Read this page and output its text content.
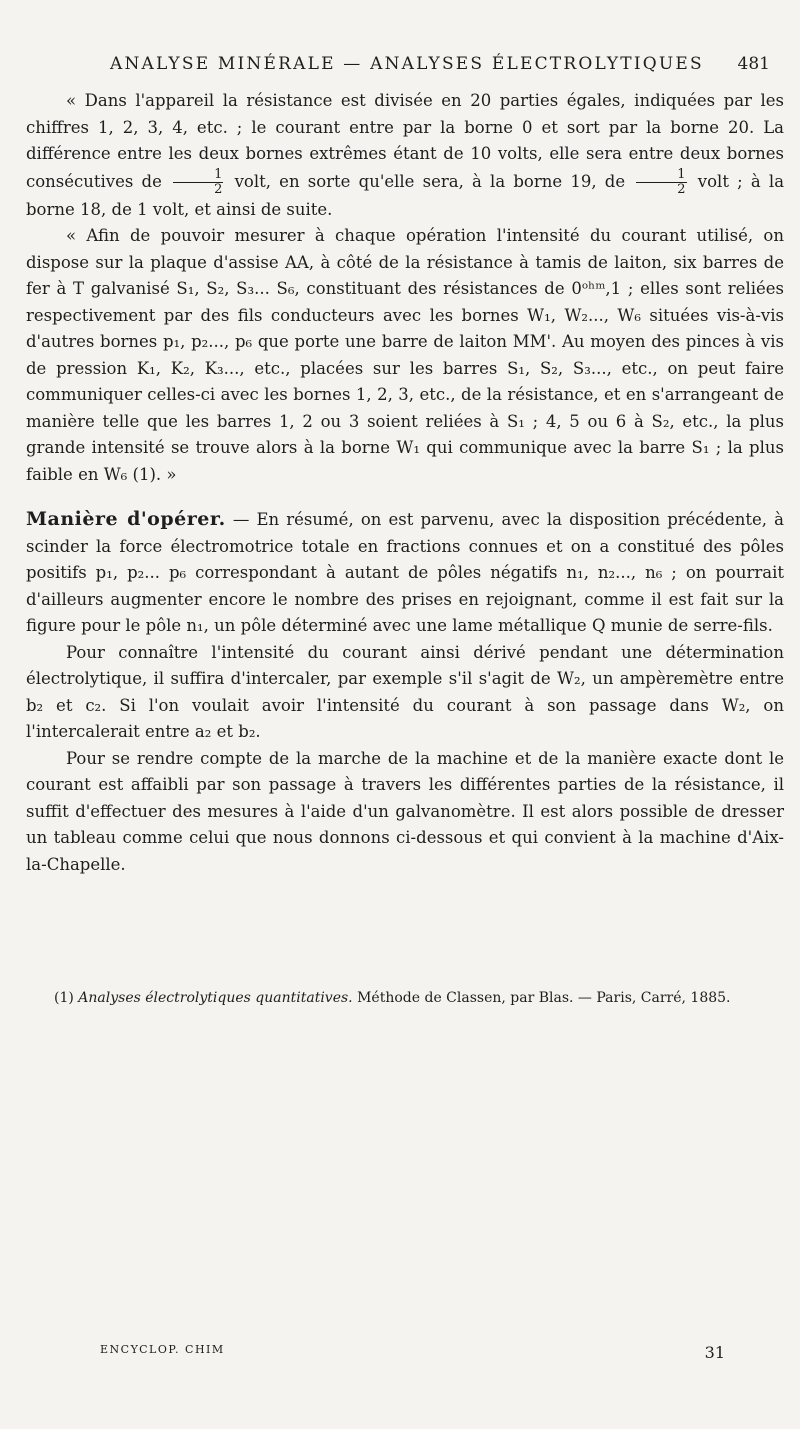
ANALYSE MINÉRALE — ANALYSES ÉLECTROLYTIQUES 481

« Dans l'appareil la résistance est divisée en 20 parties égales, indiquées par les chiffres 1, 2, 3, 4, etc. ; le courant entre par la borne 0 et sort par la borne 20. La différence entre les deux bornes extrêmes étant de 10 volts, elle sera entre deux bornes consécutives de $\frac{1}{2}$ volt, en sorte qu'elle sera, à la borne 19, de $\frac{1}{2}$ volt ; à la borne 18, de 1 volt, et ainsi de suite.

« Afin de pouvoir mesurer à chaque opération l'intensité du courant utilisé, on dispose sur la plaque d'assise AA, à côté de la résistance à tamis de laiton, six barres de fer à T galvanisé S₁, S₂, S₃... S₆, constituant des résistances de 0ᵒʰᵐ,1 ; elles sont reliées respectivement par des fils conducteurs avec les bornes W₁, W₂..., W₆ situées vis-à-vis d'autres bornes p₁, p₂..., p₆ que porte une barre de laiton MM'. Au moyen des pinces à vis de pression K₁, K₂, K₃..., etc., placées sur les barres S₁, S₂, S₃..., etc., on peut faire communiquer celles-ci avec les bornes 1, 2, 3, etc., de la résistance, et en s'arrangeant de manière telle que les barres 1, 2 ou 3 soient reliées à S₁ ; 4, 5 ou 6 à S₂, etc., la plus grande intensité se trouve alors à la borne W₁ qui communique avec la barre S₁ ; la plus faible en W₆ (1). »

Manière d'opérer. — En résumé, on est parvenu, avec la disposition précédente, à scinder la force électromotrice totale en fractions connues et on a constitué des pôles positifs p₁, p₂... p₆ correspondant à autant de pôles négatifs n₁, n₂..., n₆ ; on pourrait d'ailleurs augmenter encore le nombre des prises en rejoignant, comme il est fait sur la figure pour le pôle n₁, un pôle déterminé avec une lame métallique Q munie de serre-fils.

Pour connaître l'intensité du courant ainsi dérivé pendant une détermination électrolytique, il suffira d'intercaler, par exemple s'il s'agit de W₂, un ampèremètre entre b₂ et c₂. Si l'on voulait avoir l'intensité du courant à son passage dans W₂, on l'intercalerait entre a₂ et b₂.

Pour se rendre compte de la marche de la machine et de la manière exacte dont le courant est affaibli par son passage à travers les différentes parties de la résistance, il suffit d'effectuer des mesures à l'aide d'un galvanomètre. Il est alors possible de dresser un tableau comme celui que nous donnons ci-dessous et qui convient à la machine d'Aix-la-Chapelle.

(1) Analyses électrolytiques quantitatives. Méthode de Classen, par Blas. — Paris, Carré, 1885.
ENCYCLOP. CHIM	31
